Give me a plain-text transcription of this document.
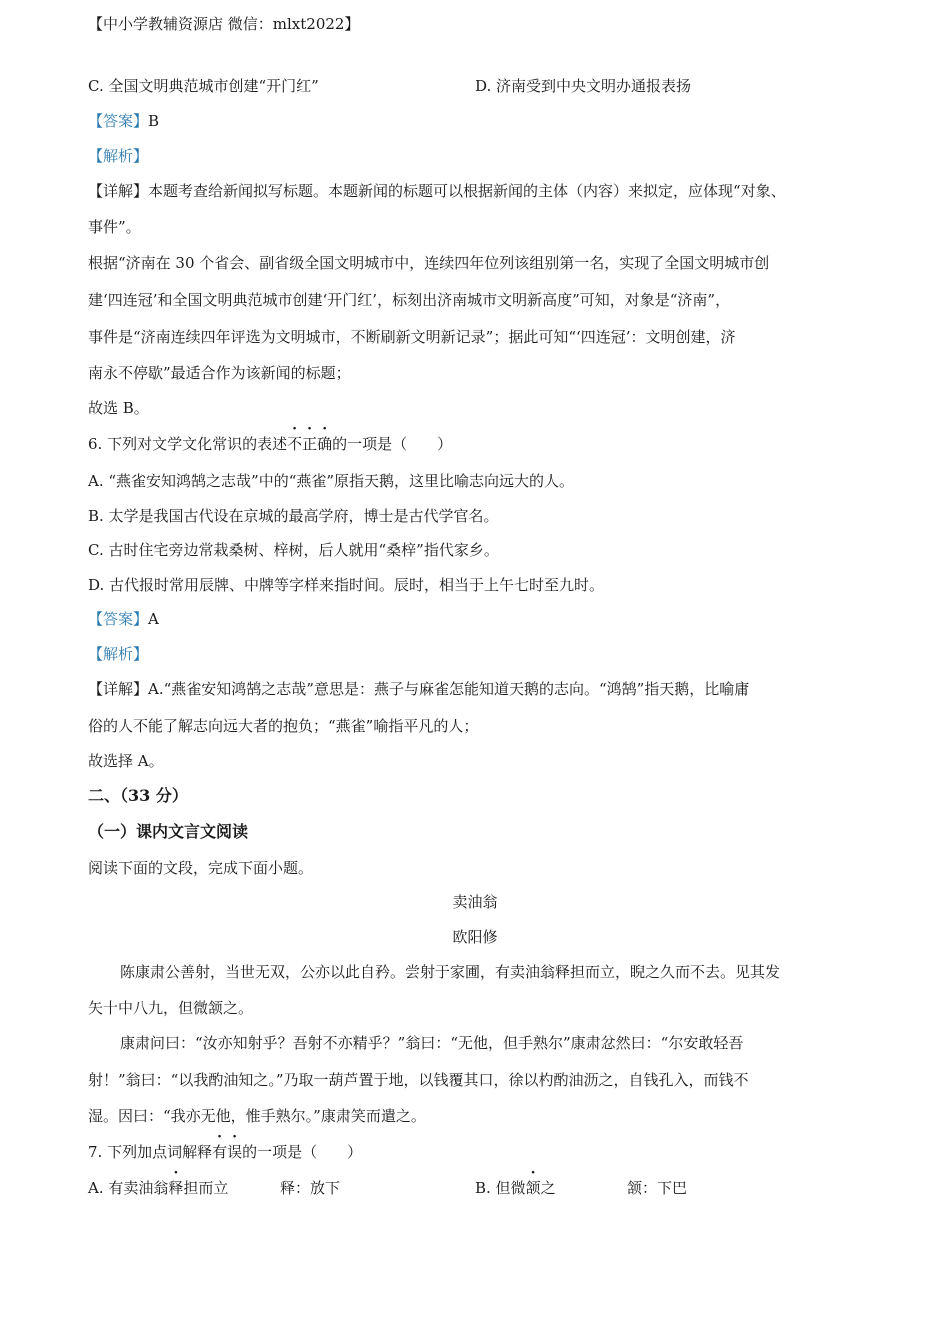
【中小学教辅资源店 微信：mlxt2022】
C. 全国文明典范城市创建“开门红”	D. 济南受到中央文明办通报表扬
【答案】B
【解析】
【详解】本题考查给新闻拟写标题。本题新闻的标题可以根据新闻的主体（内容）来拟定，应体现“对象、
事件”。
根据“济南在 30 个省会、副省级全国文明城市中，连续四年位列该组别第一名，实现了全国文明城市创
建‘四连冠’和全国文明典范城市创建‘开门红’，标刻出济南城市文明新高度”可知，对象是“济南”，
事件是“济南连续四年评选为文明城市，不断刷新文明新记录”；据此可知“‘四连冠’：文明创建，济
南永不停歇”最适合作为该新闻的标题；
故选 B。
6. 下列对文学文化常识的表述不正确的一项是（　　）
A. “燕雀安知鸿鹄之志哉”中的“燕雀”原指天鹅，这里比喻志向远大的人。
B. 太学是我国古代设在京城的最高学府，博士是古代学官名。
C. 古时住宅旁边常栽桑树、梓树，后人就用“桑梓”指代家乡。
D. 古代报时常用辰牌、中牌等字样来指时间。辰时，相当于上午七时至九时。
【答案】A
【解析】
【详解】A.“燕雀安知鸿鹄之志哉”意思是：燕子与麻雀怎能知道天鹅的志向。“鸿鹄”指天鹅，比喻庸
俗的人不能了解志向远大者的抱负；“燕雀”喻指平凡的人；
故选择 A。
二、（33 分）
（一）课内文言文阅读
阅读下面的文段，完成下面小题。
卖油翁
欧阳修
陈康肃公善射，当世无双，公亦以此自矜。尝射于家圃，有卖油翁释担而立，睨之久而不去。见其发
矢十中八九，但微颔之。
康肃问曰：“汝亦知射乎？吾射不亦精乎？”翁曰：“无他，但手熟尔”康肃忿然曰：“尔安敢轻吾
射！”翁曰：“以我酌油知之。”乃取一葫芦置于地，以钱覆其口，徐以杓酌油沥之，自钱孔入，而钱不
湿。因曰：“我亦无他，惟手熟尔。”康肃笑而遣之。
7. 下列加点词解释有误的一项是（　　）
A. 有卖油翁释担而立	释：放下	B. 但微颔之	颔：下巴
